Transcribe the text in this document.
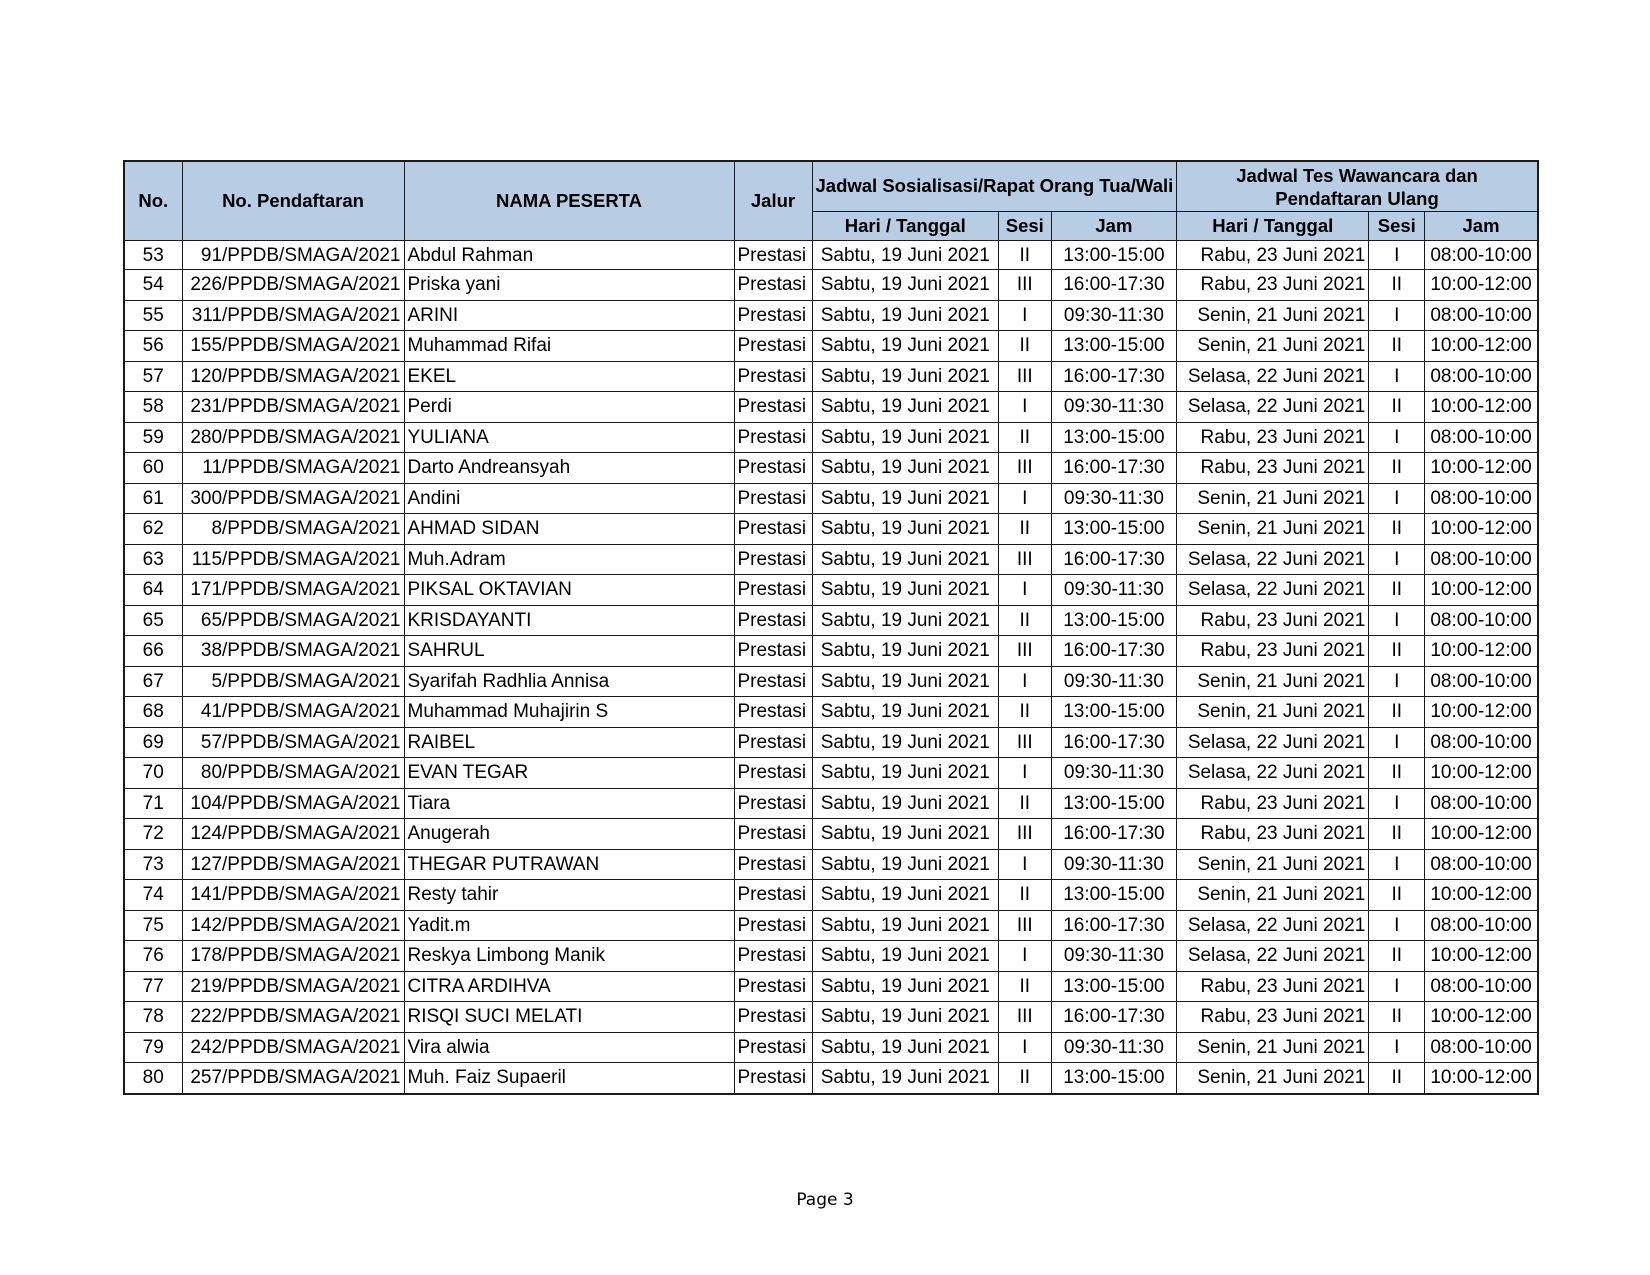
No.	No. Pendaftaran	NAMA PESERTA	Jalur	Jadwal Sosialisasi/Rapat Orang Tua/Wali			Jadwal Tes Wawancara dan Pendaftaran Ulang		
				Hari / Tanggal	Sesi	Jam	Hari / Tanggal	Sesi	Jam
53	91/PPDB/SMAGA/2021	Abdul Rahman	Prestasi	Sabtu, 19 Juni 2021	II	13:00-15:00	Rabu, 23 Juni 2021	I	08:00-10:00
54	226/PPDB/SMAGA/2021	Priska yani	Prestasi	Sabtu, 19 Juni 2021	III	16:00-17:30	Rabu, 23 Juni 2021	II	10:00-12:00
55	311/PPDB/SMAGA/2021	ARINI	Prestasi	Sabtu, 19 Juni 2021	I	09:30-11:30	Senin, 21 Juni 2021	I	08:00-10:00
56	155/PPDB/SMAGA/2021	Muhammad Rifai	Prestasi	Sabtu, 19 Juni 2021	II	13:00-15:00	Senin, 21 Juni 2021	II	10:00-12:00
57	120/PPDB/SMAGA/2021	EKEL	Prestasi	Sabtu, 19 Juni 2021	III	16:00-17:30	Selasa, 22 Juni 2021	I	08:00-10:00
58	231/PPDB/SMAGA/2021	Perdi	Prestasi	Sabtu, 19 Juni 2021	I	09:30-11:30	Selasa, 22 Juni 2021	II	10:00-12:00
59	280/PPDB/SMAGA/2021	YULIANA	Prestasi	Sabtu, 19 Juni 2021	II	13:00-15:00	Rabu, 23 Juni 2021	I	08:00-10:00
60	11/PPDB/SMAGA/2021	Darto Andreansyah	Prestasi	Sabtu, 19 Juni 2021	III	16:00-17:30	Rabu, 23 Juni 2021	II	10:00-12:00
61	300/PPDB/SMAGA/2021	Andini	Prestasi	Sabtu, 19 Juni 2021	I	09:30-11:30	Senin, 21 Juni 2021	I	08:00-10:00
62	8/PPDB/SMAGA/2021	AHMAD SIDAN	Prestasi	Sabtu, 19 Juni 2021	II	13:00-15:00	Senin, 21 Juni 2021	II	10:00-12:00
63	115/PPDB/SMAGA/2021	Muh.Adram	Prestasi	Sabtu, 19 Juni 2021	III	16:00-17:30	Selasa, 22 Juni 2021	I	08:00-10:00
64	171/PPDB/SMAGA/2021	PIKSAL OKTAVIAN	Prestasi	Sabtu, 19 Juni 2021	I	09:30-11:30	Selasa, 22 Juni 2021	II	10:00-12:00
65	65/PPDB/SMAGA/2021	KRISDAYANTI	Prestasi	Sabtu, 19 Juni 2021	II	13:00-15:00	Rabu, 23 Juni 2021	I	08:00-10:00
66	38/PPDB/SMAGA/2021	SAHRUL	Prestasi	Sabtu, 19 Juni 2021	III	16:00-17:30	Rabu, 23 Juni 2021	II	10:00-12:00
67	5/PPDB/SMAGA/2021	Syarifah Radhlia Annisa	Prestasi	Sabtu, 19 Juni 2021	I	09:30-11:30	Senin, 21 Juni 2021	I	08:00-10:00
68	41/PPDB/SMAGA/2021	Muhammad Muhajirin S	Prestasi	Sabtu, 19 Juni 2021	II	13:00-15:00	Senin, 21 Juni 2021	II	10:00-12:00
69	57/PPDB/SMAGA/2021	RAIBEL	Prestasi	Sabtu, 19 Juni 2021	III	16:00-17:30	Selasa, 22 Juni 2021	I	08:00-10:00
70	80/PPDB/SMAGA/2021	EVAN TEGAR	Prestasi	Sabtu, 19 Juni 2021	I	09:30-11:30	Selasa, 22 Juni 2021	II	10:00-12:00
71	104/PPDB/SMAGA/2021	Tiara	Prestasi	Sabtu, 19 Juni 2021	II	13:00-15:00	Rabu, 23 Juni 2021	I	08:00-10:00
72	124/PPDB/SMAGA/2021	Anugerah	Prestasi	Sabtu, 19 Juni 2021	III	16:00-17:30	Rabu, 23 Juni 2021	II	10:00-12:00
73	127/PPDB/SMAGA/2021	THEGAR PUTRAWAN	Prestasi	Sabtu, 19 Juni 2021	I	09:30-11:30	Senin, 21 Juni 2021	I	08:00-10:00
74	141/PPDB/SMAGA/2021	Resty tahir	Prestasi	Sabtu, 19 Juni 2021	II	13:00-15:00	Senin, 21 Juni 2021	II	10:00-12:00
75	142/PPDB/SMAGA/2021	Yadit.m	Prestasi	Sabtu, 19 Juni 2021	III	16:00-17:30	Selasa, 22 Juni 2021	I	08:00-10:00
76	178/PPDB/SMAGA/2021	Reskya Limbong Manik	Prestasi	Sabtu, 19 Juni 2021	I	09:30-11:30	Selasa, 22 Juni 2021	II	10:00-12:00
77	219/PPDB/SMAGA/2021	CITRA ARDIHVA	Prestasi	Sabtu, 19 Juni 2021	II	13:00-15:00	Rabu, 23 Juni 2021	I	08:00-10:00
78	222/PPDB/SMAGA/2021	RISQI SUCI MELATI	Prestasi	Sabtu, 19 Juni 2021	III	16:00-17:30	Rabu, 23 Juni 2021	II	10:00-12:00
79	242/PPDB/SMAGA/2021	Vira alwia	Prestasi	Sabtu, 19 Juni 2021	I	09:30-11:30	Senin, 21 Juni 2021	I	08:00-10:00
80	257/PPDB/SMAGA/2021	Muh. Faiz Supaeril	Prestasi	Sabtu, 19 Juni 2021	II	13:00-15:00	Senin, 21 Juni 2021	II	10:00-12:00
Page 3
